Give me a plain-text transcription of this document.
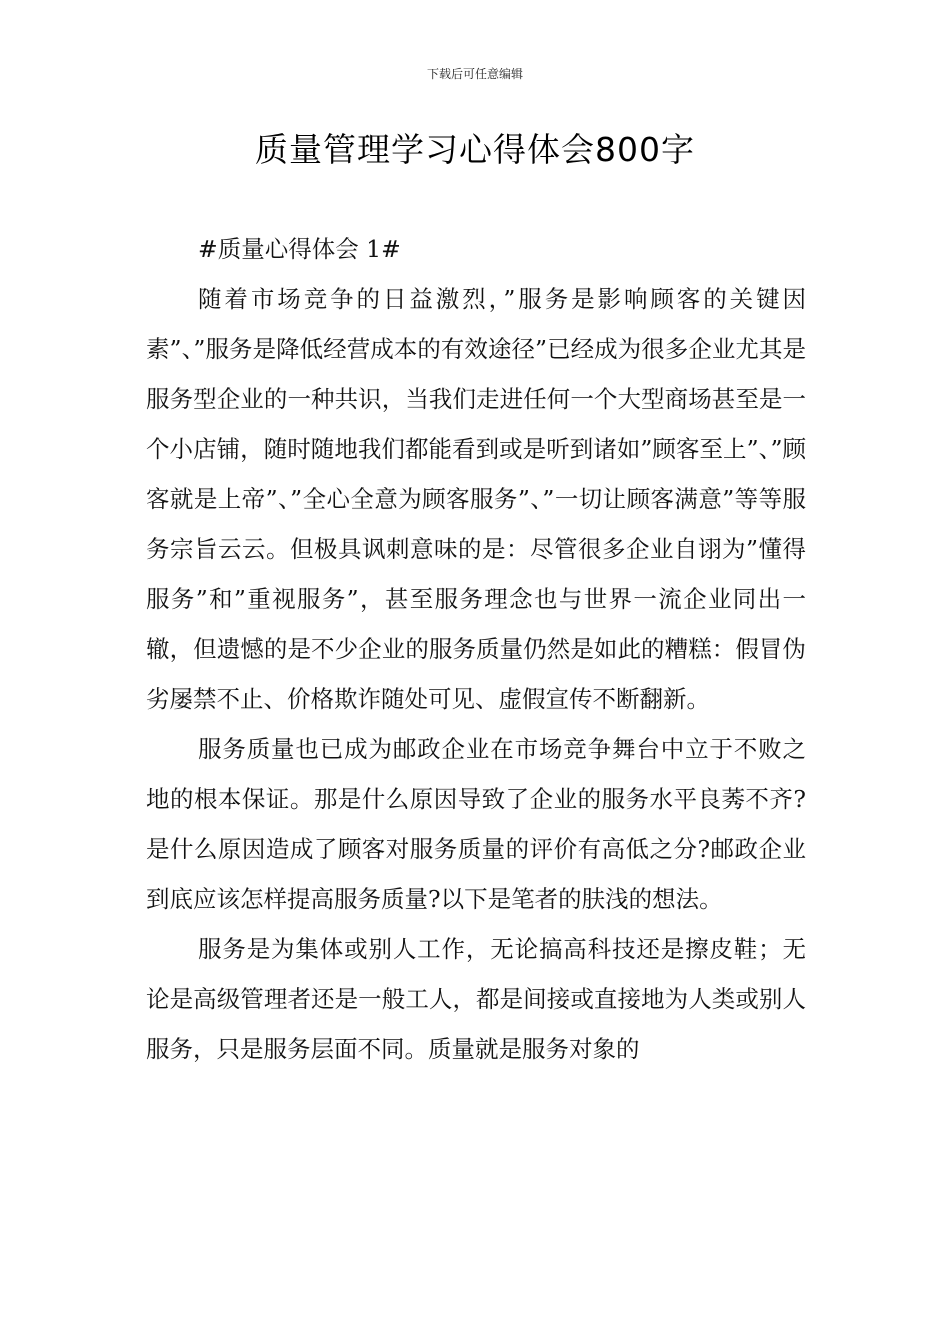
下载后可任意编辑
质量管理学习心得体会800字

#质量心得体会 1#

随着市场竞争的日益激烈，”服务是影响顾客的关键因素”、”服务是降低经营成本的有效途径”已经成为很多企业尤其是服务型企业的一种共识，当我们走进任何一个大型商场甚至是一个小店铺，随时随地我们都能看到或是听到诸如”顾客至上”、”顾客就是上帝”、”全心全意为顾客服务”、”一切让顾客满意”等等服务宗旨云云。但极具讽刺意味的是：尽管很多企业自诩为”懂得服务”和”重视服务”，甚至服务理念也与世界一流企业同出一辙，但遗憾的是不少企业的服务质量仍然是如此的糟糕：假冒伪劣屡禁不止、价格欺诈随处可见、虚假宣传不断翻新。

服务质量也已成为邮政企业在市场竞争舞台中立于不败之地的根本保证。那是什么原因导致了企业的服务水平良莠不齐?是什么原因造成了顾客对服务质量的评价有高低之分?邮政企业到底应该怎样提高服务质量?以下是笔者的肤浅的想法。

服务是为集体或别人工作，无论搞高科技还是擦皮鞋；无论是高级管理者还是一般工人，都是间接或直接地为人类或别人服务，只是服务层面不同。质量就是服务对象的
